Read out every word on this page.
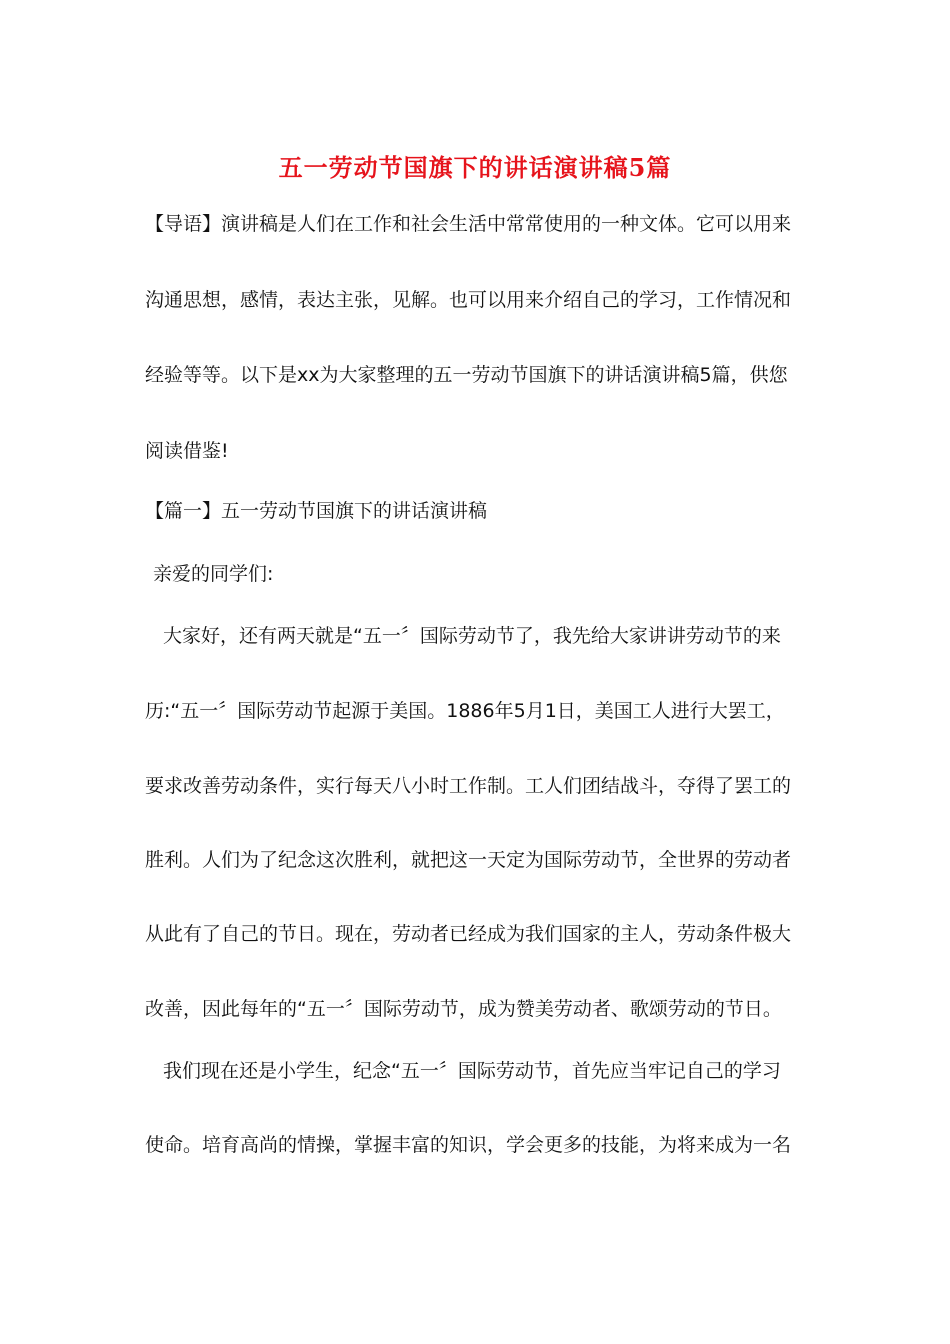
五一劳动节国旗下的讲话演讲稿5篇
【导语】演讲稿是人们在工作和社会生活中常常使用的一种文体。它可以用来
沟通思想，感情，表达主张，见解。也可以用来介绍自己的学习，工作情况和
经验等等。以下是xx为大家整理的五一劳动节国旗下的讲话演讲稿5篇，供您
阅读借鉴!
【篇一】五一劳动节国旗下的讲话演讲稿
亲爱的同学们:
大家好，还有两天就是“五一〞国际劳动节了，我先给大家讲讲劳动节的来
历:“五一〞国际劳动节起源于美国。1886年5月1日，美国工人进行大罢工，
要求改善劳动条件，实行每天八小时工作制。工人们团结战斗，夺得了罢工的
胜利。人们为了纪念这次胜利，就把这一天定为国际劳动节，全世界的劳动者
从此有了自己的节日。现在，劳动者已经成为我们国家的主人，劳动条件极大
改善，因此每年的“五一〞国际劳动节，成为赞美劳动者、歌颂劳动的节日。
我们现在还是小学生，纪念“五一〞国际劳动节，首先应当牢记自己的学习
使命。培育高尚的情操，掌握丰富的知识，学会更多的技能，为将来成为一名
